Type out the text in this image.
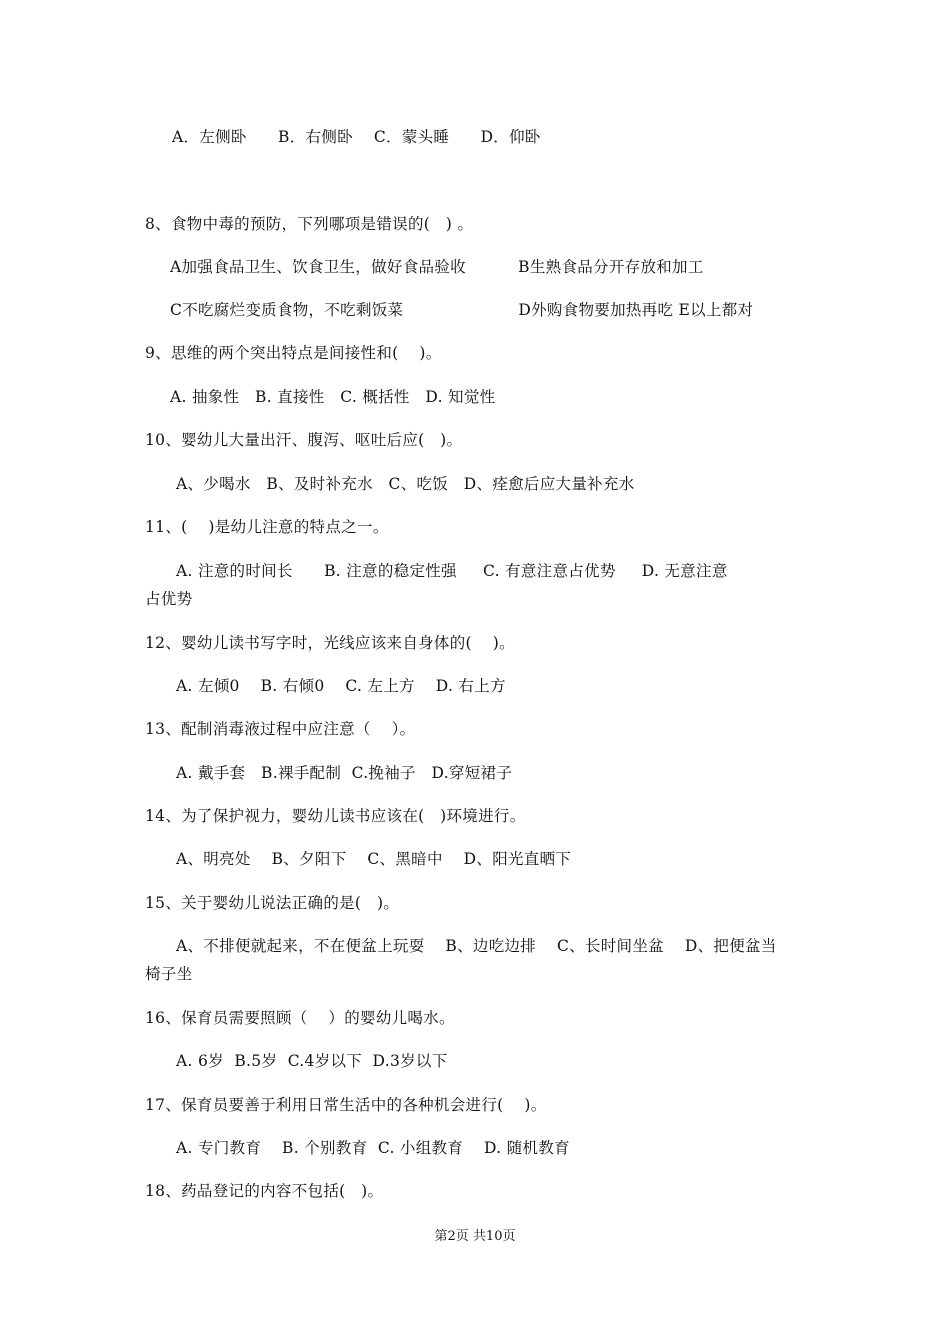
A．左侧卧      B．右侧卧    C．蒙头睡      D．仰卧
8、食物中毒的预防，下列哪项是错误的(   ) 。
A加强食品卫生、饮食卫生，做好食品验收          B生熟食品分开存放和加工
C不吃腐烂变质食物，不吃剩饭菜                      D外购食物要加热再吃 E以上都对
9、思维的两个突出特点是间接性和(    )。
A. 抽象性   B. 直接性   C. 概括性   D. 知觉性
10、婴幼儿大量出汗、腹泻、呕吐后应(   )。
A、少喝水   B、及时补充水   C、吃饭   D、痊愈后应大量补充水
11、(    )是幼儿注意的特点之一。
A. 注意的时间长      B. 注意的稳定性强     C. 有意注意占优势     D. 无意注意
占优势
12、婴幼儿读书写字时，光线应该来自身体的(    )。
A. 左倾0    B. 右倾0    C. 左上方    D. 右上方
13、配制消毒液过程中应注意（    ）。
A. 戴手套   B.裸手配制  C.挽袖子   D.穿短裙子
14、为了保护视力，婴幼儿读书应该在(   )环境进行。
A、明亮处    B、夕阳下    C、黑暗中    D、阳光直晒下
15、关于婴幼儿说法正确的是(   )。
A、不排便就起来，不在便盆上玩耍    B、边吃边排    C、长时间坐盆    D、把便盆当
椅子坐
16、保育员需要照顾（    ）的婴幼儿喝水。
A. 6岁  B.5岁  C.4岁以下  D.3岁以下
17、保育员要善于利用日常生活中的各种机会进行(    )。
A. 专门教育    B. 个别教育  C. 小组教育    D. 随机教育
18、药品登记的内容不包括(   )。
第2页 共10页
